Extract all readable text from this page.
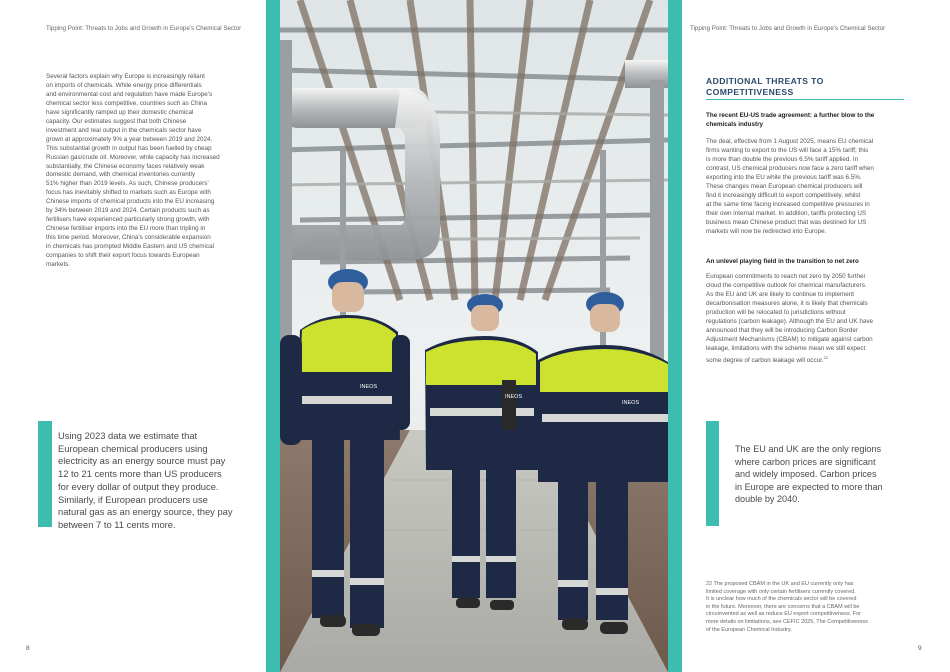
Tipping Point: Threats to Jobs and Growth in Europe’s Chemical Sector
Several factors explain why Europe is increasingly reliant
on imports of chemicals. While energy price differentials
and environmental cost and regulation have made Europe’s
chemical sector less competitive, countries such as China
have significantly ramped up their domestic chemical
capacity. Our estimates suggest that both Chinese
investment and real output in the chemicals sector have
grown at approximately 9% a year between 2019 and 2024.
This substantial growth in output has been fuelled by cheap
Russian gas/crude oil. Moreover, while capacity has increased
substantially, the Chinese economy faces relatively weak
domestic demand, with chemical inventories currently
51% higher than 2019 levels. As such, Chinese producers’
focus has inevitably shifted to markets such as Europe with
Chinese imports of chemical products into the EU increasing
by 34% between 2019 and 2024. Certain products such as
fertilisers have experienced particularly strong growth, with
Chinese fertiliser imports into the EU more than tripling in
this time period. Moreover, China’s considerable expansion
in chemicals has prompted Middle Eastern and US chemical
companies to shift their export focus towards European
markets.
Using 2023 data we estimate that
European chemical producers using
electricity as an energy source must pay
12 to 21 cents more than US producers
for every dollar of output they produce.
Similarly, if European producers use
natural gas as an energy source, they pay
between 7 to 11 cents more.
8
INEOS
INEOS
INEOS
Tipping Point: Threats to Jobs and Growth in Europe’s Chemical Sector
ADDITIONAL THREATS TO
COMPETITIVENESS
The recent EU-US trade agreement: a further blow to the
chemicals industry
The deal, effective from 1 August 2025, means EU chemical
firms wanting to export to the US will face a 15% tariff; this
is more than double the previous 6.5% tariff applied. In
contrast, US chemical producers now face a zero tariff when
exporting into the EU while the previous tariff was 6.5%.
These changes mean European chemical producers will
find it increasingly difficult to export competitively, whilst
at the same time facing increased competitive pressures in
their own internal market. In addition, tariffs protecting US
business mean Chinese product that was destined for US
markets will now be redirected into Europe.
An unlevel playing field in the transition to net zero
European commitments to reach net zero by 2050 further
cloud the competitive outlook for chemical manufacturers.
As the EU and UK are likely to continue to implement
decarbonisation measures alone, it is likely that chemicals
production will be relocated to jurisdictions without
regulations (carbon leakage). Although the EU and UK have
announced that they will be introducing Carbon Border
Adjustment Mechanisms (CBAM) to mitigate against carbon
leakage, limitations with the scheme mean we still expect
some degree of carbon leakage will occur.$^{22}$
The EU and UK are the only regions
where carbon prices are significant
and widely imposed. Carbon prices
in Europe are expected to more than
double by 2040.
22 The proposed CBAM in the UK and EU currently only has
limited coverage with only certain fertilisers currently covered.
It is unclear how much of the chemicals sector will be covered
in the future. Moreover, there are concerns that a CBAM will be
circumvented as well as reduce EU export competitiveness. For
more details on limitations, see CEFIC 2025, The Competitiveness
of the European Chemical Industry.
9
